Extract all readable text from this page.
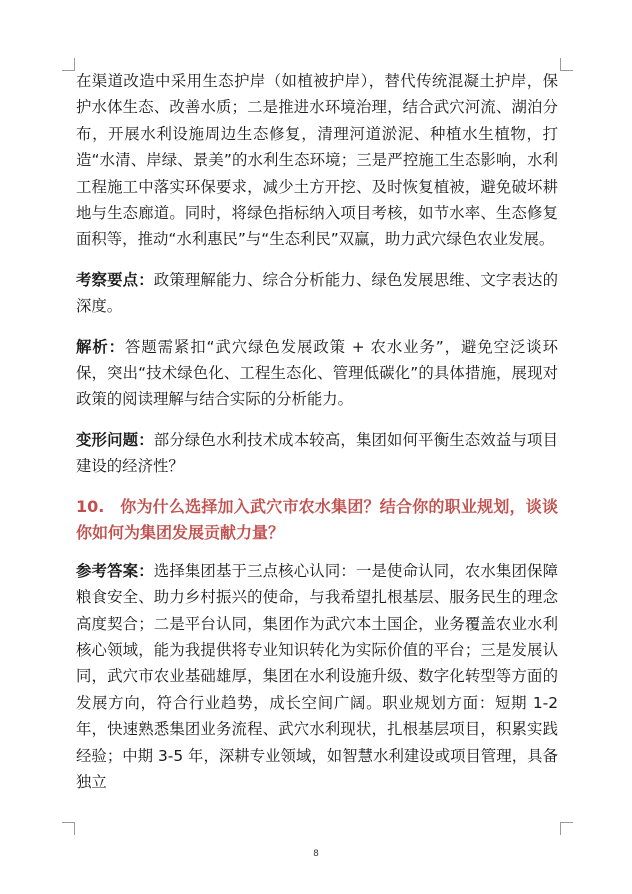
在渠道改造中采用生态护岸（如植被护岸），替代传统混凝土护岸，保护水体生态、改善水质；二是推进水环境治理，结合武穴河流、湖泊分布，开展水利设施周边生态修复，清理河道淤泥、种植水生植物，打造“水清、岸绿、景美”的水利生态环境；三是严控施工生态影响，水利工程施工中落实环保要求，减少土方开挖、及时恢复植被，避免破坏耕地与生态廊道。同时，将绿色指标纳入项目考核，如节水率、生态修复面积等，推动“水利惠民”与“生态利民”双赢，助力武穴绿色农业发展。

考察要点：政策理解能力、综合分析能力、绿色发展思维、文字表达的深度。

解析：答题需紧扣“武穴绿色发展政策 + 农水业务”，避免空泛谈环保，突出“技术绿色化、工程生态化、管理低碳化”的具体措施，展现对政策的阅读理解与结合实际的分析能力。

变形问题：部分绿色水利技术成本较高，集团如何平衡生态效益与项目建设的经济性？

10. 你为什么选择加入武穴市农水集团？结合你的职业规划，谈谈你如何为集团发展贡献力量？

参考答案：选择集团基于三点核心认同：一是使命认同，农水集团保障粮食安全、助力乡村振兴的使命，与我希望扎根基层、服务民生的理念高度契合；二是平台认同，集团作为武穴本土国企，业务覆盖农业水利核心领域，能为我提供将专业知识转化为实际价值的平台；三是发展认同，武穴市农业基础雄厚，集团在水利设施升级、数字化转型等方面的发展方向，符合行业趋势，成长空间广阔。职业规划方面：短期 1-2 年，快速熟悉集团业务流程、武穴水利现状，扎根基层项目，积累实践经验；中期 3-5 年，深耕专业领域，如智慧水利建设或项目管理，具备独立

8
